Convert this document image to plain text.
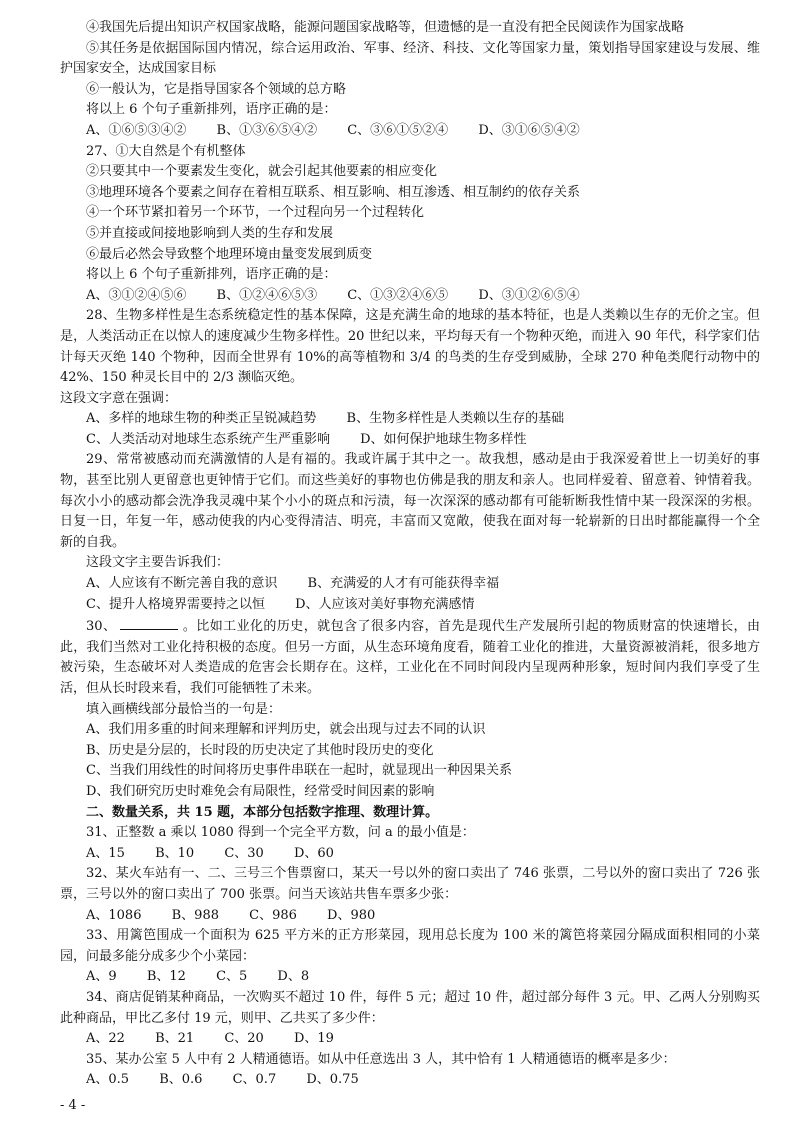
④我国先后提出知识产权国家战略，能源问题国家战略等，但遗憾的是一直没有把全民阅读作为国家战略

⑤其任务是依据国际国内情况，综合运用政治、军事、经济、科技、文化等国家力量，策划指导国家建设与发展、维护国家安全，达成国家目标

⑥一般认为，它是指导国家各个领域的总方略

将以上 6 个句子重新排列，语序正确的是：

A、①⑥⑤③④② B、①③⑥⑤④② C、③⑥①⑤②④ D、③①⑥⑤④②

27、①大自然是个有机整体

②只要其中一个要素发生变化，就会引起其他要素的相应变化

③地理环境各个要素之间存在着相互联系、相互影响、相互渗透、相互制约的依存关系

④一个环节紧扣着另一个环节，一个过程向另一个过程转化

⑤并直接或间接地影响到人类的生存和发展

⑥最后必然会导致整个地理环境由量变发展到质变

将以上 6 个句子重新排列，语序正确的是：

A、③①②④⑤⑥ B、①②④⑥⑤③ C、①③②④⑥⑤ D、③①②⑥⑤④

28、生物多样性是生态系统稳定性的基本保障，这是充满生命的地球的基本特征，也是人类赖以生存的无价之宝。但是，人类活动正在以惊人的速度减少生物多样性。20 世纪以来，平均每天有一个物种灭绝，而进入 90 年代，科学家们估计每天灭绝 140 个物种，因而全世界有 10%的高等植物和 3/4 的鸟类的生存受到威胁，全球 270 种龟类爬行动物中的 42%、150 种灵长目中的 2/3 濒临灭绝。

这段文字意在强调：

A、多样的地球生物的种类正呈锐减趋势 B、生物多样性是人类赖以生存的基础

C、人类活动对地球生态系统产生严重影响 D、如何保护地球生物多样性

29、常常被感动而充满激情的人是有福的。我或许属于其中之一。故我想，感动是由于我深爱着世上一切美好的事物，甚至比别人更留意也更钟情于它们。而这些美好的事物也仿佛是我的朋友和亲人。也同样爱着、留意着、钟情着我。每次小小的感动都会洗净我灵魂中某个小小的斑点和污渍，每一次深深的感动都有可能斩断我性情中某一段深深的劣根。日复一日，年复一年，感动使我的内心变得清洁、明亮，丰富而又宽敞，使我在面对每一轮崭新的日出时都能赢得一个全新的自我。

这段文字主要告诉我们：

A、人应该有不断完善自我的意识 B、充满爱的人才有可能获得幸福

C、提升人格境界需要持之以恒 D、人应该对美好事物充满感情

30、	。比如工业化的历史，就包含了很多内容，首先是现代生产发展所引起的物质财富的快速增长，由此，我们当然对工业化持积极的态度。但另一方面，从生态环境角度看，随着工业化的推进，大量资源被消耗，很多地方被污染，生态破坏对人类造成的危害会长期存在。这样，工业化在不同时间段内呈现两种形象，短时间内我们享受了生活，但从长时段来看，我们可能牺牲了未来。

填入画横线部分最恰当的一句是：

A、我们用多重的时间来理解和评判历史，就会出现与过去不同的认识

B、历史是分层的，长时段的历史决定了其他时段历史的变化

C、当我们用线性的时间将历史事件串联在一起时，就显现出一种因果关系

D、我们研究历史时难免会有局限性，经常受时间因素的影响

二、数量关系，共 15 题，本部分包括数字推理、数理计算。

31、正整数 a 乘以 1080 得到一个完全平方数，问 a 的最小值是：

A、15 B、10 C、30 D、60

32、某火车站有一、二、三号三个售票窗口，某天一号以外的窗口卖出了 746 张票，二号以外的窗口卖出了 726 张票，三号以外的窗口卖出了 700 张票。问当天该站共售车票多少张：

A、1086 B、988 C、986 D、980

33、用篱笆围成一个面积为 625 平方米的正方形菜园，现用总长度为 100 米的篱笆将菜园分隔成面积相同的小菜园，问最多能分成多少个小菜园：

A、9 B、12 C、5 D、8

34、商店促销某种商品，一次购买不超过 10 件，每件 5 元；超过 10 件，超过部分每件 3 元。甲、乙两人分别购买此种商品，甲比乙多付 19 元，则甲、乙共买了多少件：

A、22 B、21 C、20 D、19

35、某办公室 5 人中有 2 人精通德语。如从中任意选出 3 人，其中恰有 1 人精通德语的概率是多少：

A、0.5 B、0.6 C、0.7 D、0.75

- 4 -
